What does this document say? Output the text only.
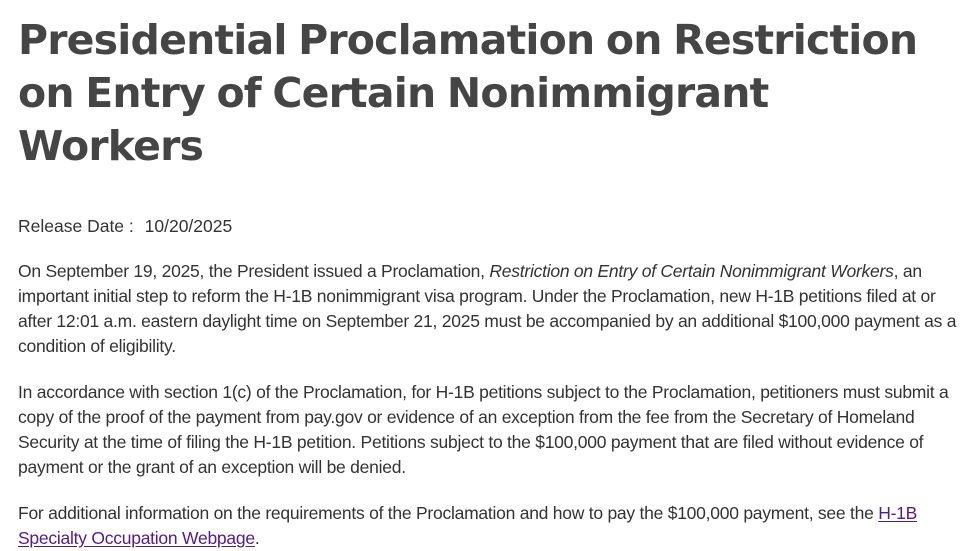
Presidential Proclamation on Restriction on Entry of Certain Nonimmigrant Workers
Release Date : 10/20/2025

On September 19, 2025, the President issued a Proclamation, Restriction on Entry of Certain Nonimmigrant Workers, an important initial step to reform the H-1B nonimmigrant visa program. Under the Proclamation, new H-1B petitions filed at or after 12:01 a.m. eastern daylight time on September 21, 2025 must be accompanied by an additional $100,000 payment as a condition of eligibility.

In accordance with section 1(c) of the Proclamation, for H-1B petitions subject to the Proclamation, petitioners must submit a copy of the proof of the payment from pay.gov or evidence of an exception from the fee from the Secretary of Homeland Security at the time of filing the H-1B petition. Petitions subject to the $100,000 payment that are filed without evidence of payment or the grant of an exception will be denied.

For additional information on the requirements of the Proclamation and how to pay the $100,000 payment, see the H-1B Specialty Occupation Webpage.
